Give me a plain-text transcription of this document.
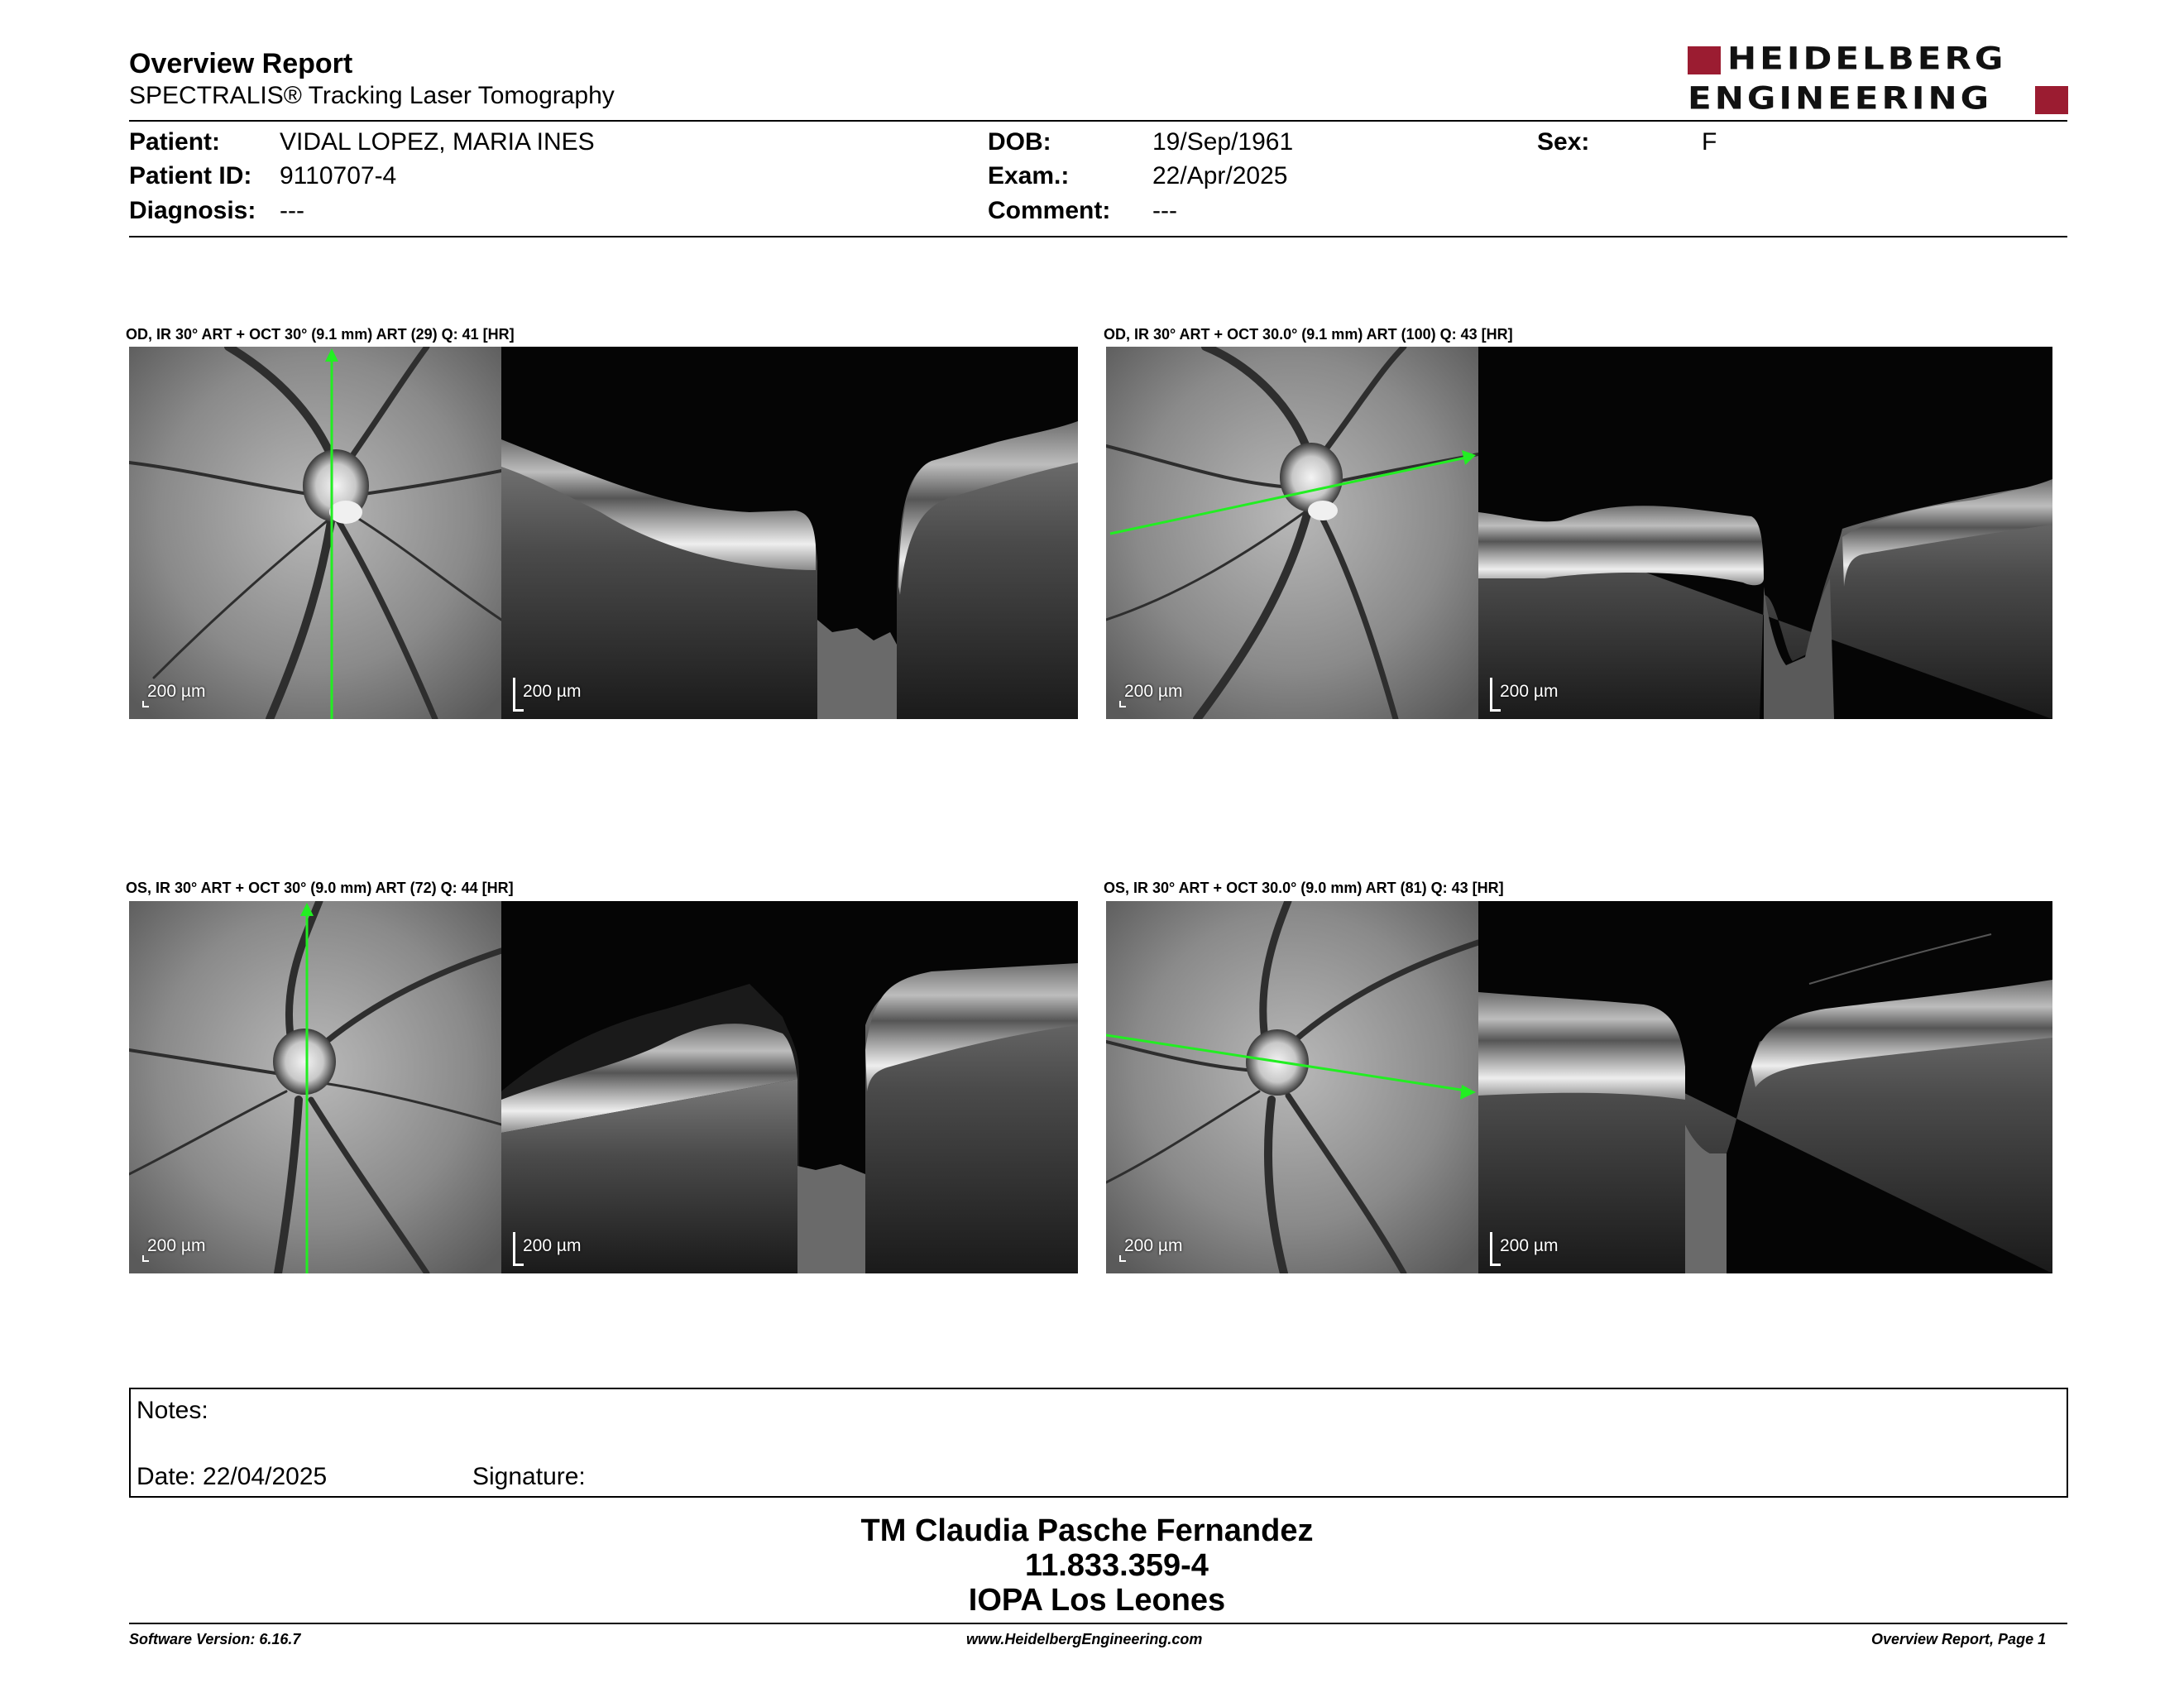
Overview Report
SPECTRALIS® Tracking Laser Tomography
HEIDELBERG
ENGINEERING
Patient: VIDAL LOPEZ, MARIA INES
Patient ID: 9110707-4
Diagnosis: ---
DOB:	19/Sep/1961
Exam.:	22/Apr/2025
Comment: ---
Sex:	F
OD, IR 30° ART + OCT 30° (9.1 mm) ART (29) Q: 41 [HR]
200 µm	200 µm
OD, IR 30° ART + OCT 30.0° (9.1 mm) ART (100) Q: 43 [HR]
200 µm	200 µm
OS, IR 30° ART + OCT 30° (9.0 mm) ART (72) Q: 44 [HR]
200 µm	200 µm
OS, IR 30° ART + OCT 30.0° (9.0 mm) ART (81) Q: 43 [HR]
200 µm	200 µm
Notes:
Date: 22/04/2025	Signature:
TM Claudia Pasche Fernandez
11.833.359-4
IOPA Los Leones
Software Version: 6.16.7	www.HeidelbergEngineering.com	Overview Report, Page 1
